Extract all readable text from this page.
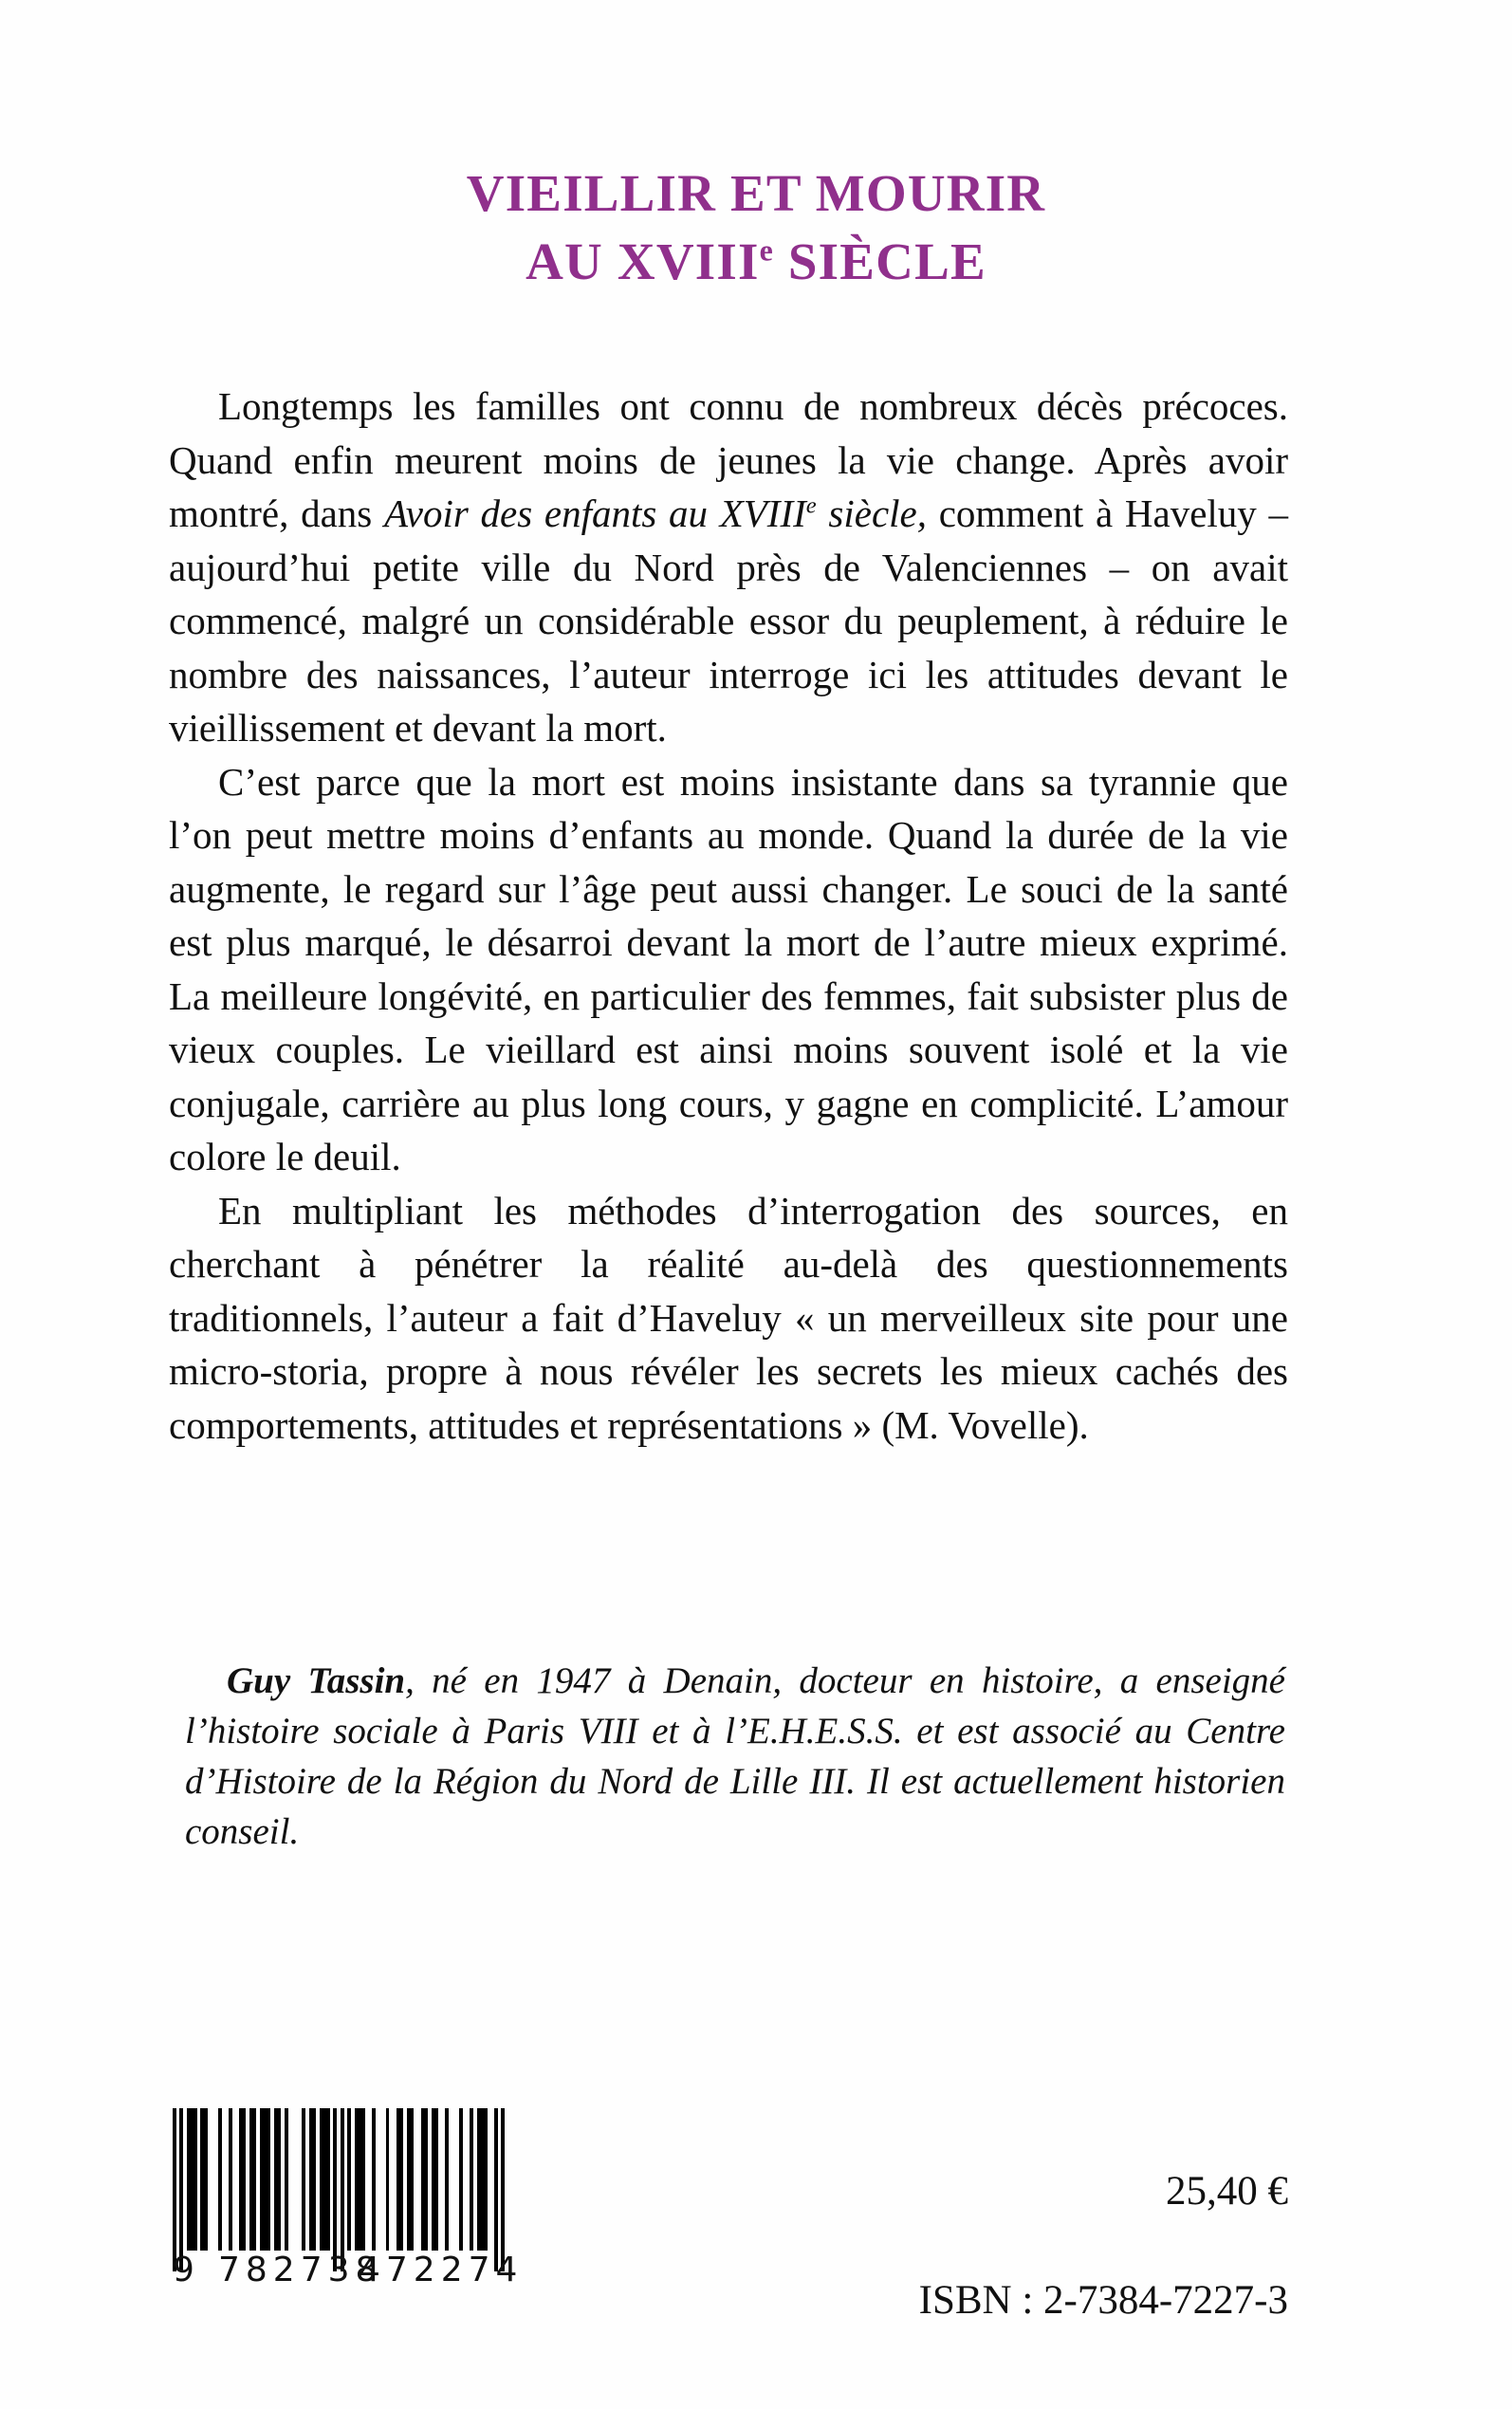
VIEILLIR ET MOURIR
AU XVIIIe SIÈCLE

Longtemps les familles ont connu de nombreux décès précoces. Quand enfin meurent moins de jeunes la vie change. Après avoir montré, dans Avoir des enfants au XVIIIe siècle, comment à Haveluy – aujourd’hui petite ville du Nord près de Valenciennes – on avait commencé, malgré un considérable essor du peuplement, à réduire le nombre des naissances, l’auteur interroge ici les attitudes devant le vieillissement et devant la mort.

C’est parce que la mort est moins insistante dans sa tyrannie que l’on peut mettre moins d’enfants au monde. Quand la durée de la vie augmente, le regard sur l’âge peut aussi changer. Le souci de la santé est plus marqué, le désarroi devant la mort de l’autre mieux exprimé. La meilleure longévité, en particulier des femmes, fait subsister plus de vieux couples. Le vieillard est ainsi moins souvent isolé et la vie conjugale, carrière au plus long cours, y gagne en complicité. L’amour colore le deuil.

En multipliant les méthodes d’interrogation des sources, en cherchant à pénétrer la réalité au-delà des questionnements traditionnels, l’auteur a fait d’Haveluy « un merveilleux site pour une micro-storia, propre à nous révéler les secrets les mieux cachés des comportements, attitudes et représentations » (M. Vovelle).

Guy Tassin, né en 1947 à Denain, docteur en histoire, a enseigné l’histoire sociale à Paris VIII et à l’E.H.E.S.S. et est associé au Centre d’Histoire de la Région du Nord de Lille III. Il est actuellement historien conseil.

9 782738
472274
25,40 €
ISBN : 2-7384-7227-3
